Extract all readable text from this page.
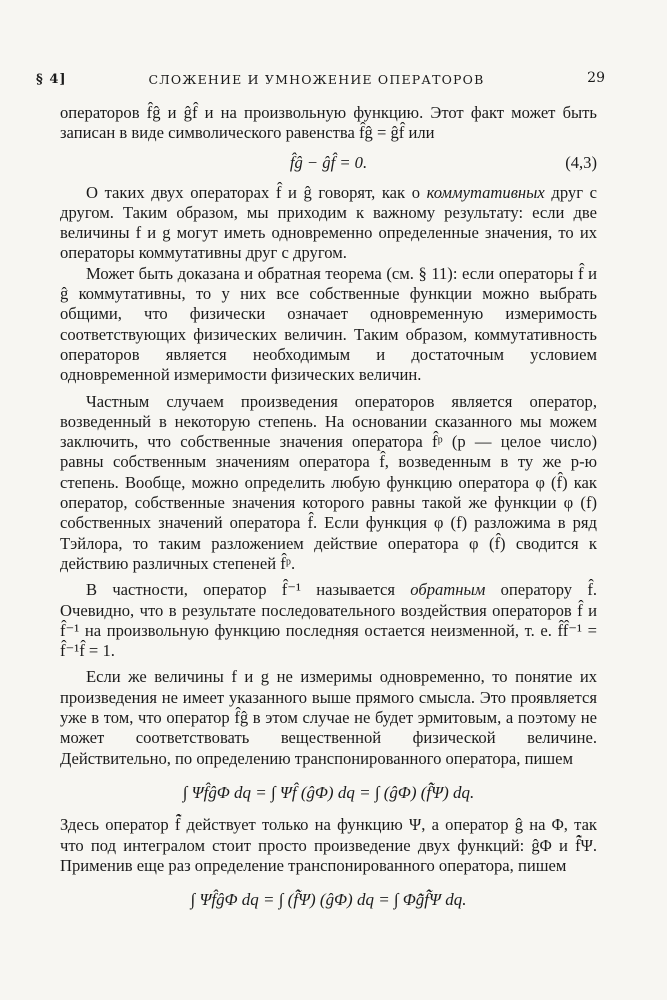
§ 4]	СЛОЖЕНИЕ И УМНОЖЕНИЕ ОПЕРАТОРОВ	29

операторов f̂ĝ и ĝf̂ и на произвольную функцию. Этот факт может быть записан в виде символического равенства f̂ĝ = ĝf̂ или

f̂ĝ − ĝf̂ = 0.	(4,3)

О таких двух операторах f̂ и ĝ говорят, как о коммутативных друг с другом. Таким образом, мы приходим к важному результату: если две величины f и g могут иметь одновременно определенные значения, то их операторы коммутативны друг с другом.

Может быть доказана и обратная теорема (см. § 11): если операторы f̂ и ĝ коммутативны, то у них все собственные функции можно выбрать общими, что физически означает одновременную измеримость соответствующих физических величин. Таким образом, коммутативность операторов является необходимым и достаточным условием одновременной измеримости физических величин.

Частным случаем произведения операторов является оператор, возведенный в некоторую степень. На основании сказанного мы можем заключить, что собственные значения оператора f̂ᵖ (p — целое число) равны собственным значениям оператора f̂, возведенным в ту же p-ю степень. Вообще, можно определить любую функцию оператора φ (f̂) как оператор, собственные значения которого равны такой же функции φ (f) собственных значений оператора f̂. Если функция φ (f) разложима в ряд Тэйлора, то таким разложением действие оператора φ (f̂) сводится к действию различных степеней f̂ᵖ.

В частности, оператор f̂⁻¹ называется обратным оператору f̂. Очевидно, что в результате последовательного воздействия операторов f̂ и f̂⁻¹ на произвольную функцию последняя остается неизменной, т. е. f̂f̂⁻¹ = f̂⁻¹f̂ = 1.

Если же величины f и g не измеримы одновременно, то понятие их произведения не имеет указанного выше прямого смысла. Это проявляется уже в том, что оператор f̂ĝ в этом случае не будет эрмитовым, а поэтому не может соответствовать вещественной физической величине. Действительно, по определению транспонированного оператора, пишем

∫ Ψf̂ĝΦ dq = ∫ Ψf̂ (ĝΦ) dq = ∫ (ĝΦ) (f̃̂Ψ) dq.

Здесь оператор f̃̂ действует только на функцию Ψ, а оператор ĝ на Φ, так что под интегралом стоит просто произведение двух функций: ĝΦ и f̃̂Ψ. Применив еще раз определение транспонированного оператора, пишем

∫ Ψf̂ĝΦ dq = ∫ (f̃̂Ψ) (ĝΦ) dq = ∫ Φg̃̂f̃̂Ψ dq.
